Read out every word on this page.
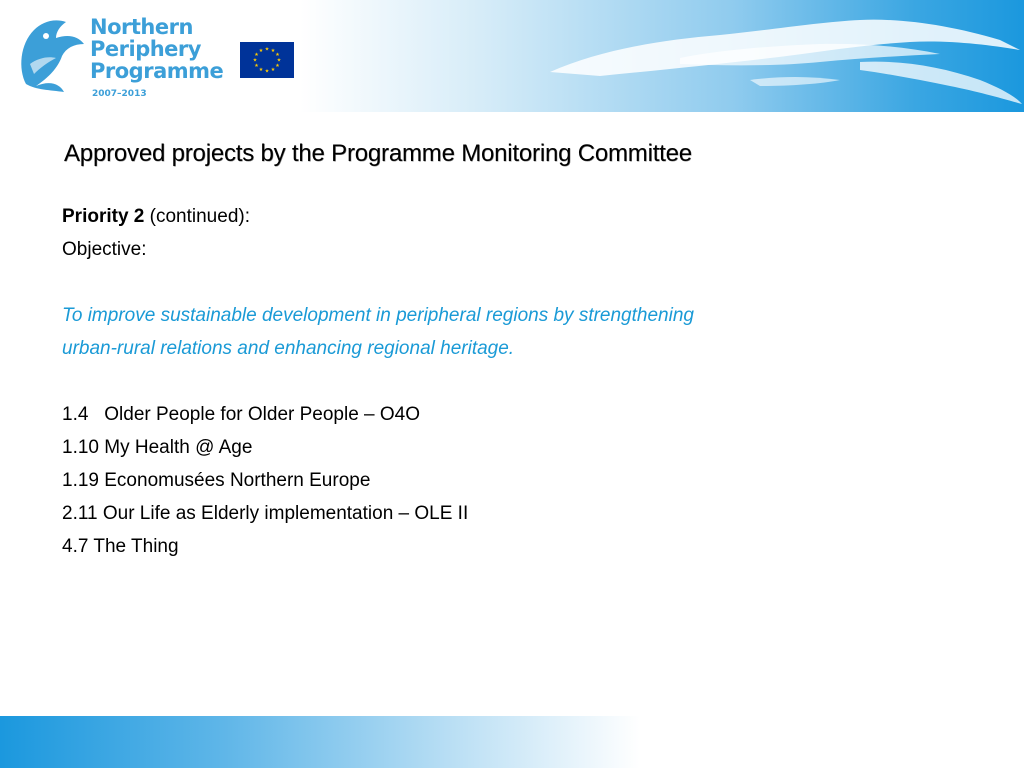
Northern
Periphery
Programme
2007–2013
★ ★
★
★
★
★
★
★
★
★
★
★
Approved projects by the Programme Monitoring Committee

Priority 2 (continued):

Objective:

To improve sustainable development in peripheral regions by strengthening

urban-rural relations and enhancing regional heritage.

1.4   Older People for Older People – O4O

1.10 My Health @ Age

1.19 Economusées Northern Europe

2.11 Our Life as Elderly implementation – OLE II

4.7 The Thing
